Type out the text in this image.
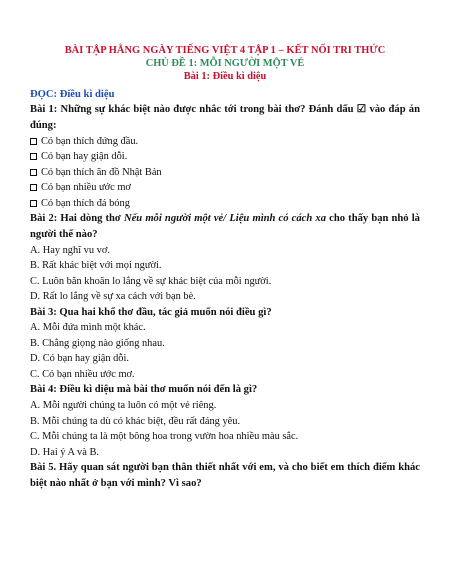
BÀI TẬP HẰNG NGÀY TIẾNG VIỆT 4 TẬP 1 – KẾT NỐI TRI THỨC
CHỦ ĐỀ 1: MỖI NGƯỜI MỘT VẺ
Bài 1: Điều kì diệu
ĐỌC: Điều kì diệu
Bài 1: Những sự khác biệt nào được nhắc tới trong bài thơ? Đánh dấu ☑ vào đáp án đúng:
Có bạn thích đứng đầu.
Có bạn hay giận dỗi.
Có bạn thích ăn đồ Nhật Bản
Có bạn nhiều ước mơ
Có bạn thích đá bóng
Bài 2: Hai dòng thơ Nếu mỗi người một vẻ/ Liệu mình có cách xa cho thấy bạn nhỏ là người thế nào?
A. Hay nghĩ vu vơ.
B. Rất khác biệt với mọi người.
C. Luôn băn khoăn lo lắng về sự khác biệt của mỗi người.
D. Rất lo lắng về sự xa cách với bạn bè.
Bài 3: Qua hai khổ thơ đầu, tác giả muốn nói điều gì?
A. Mỗi đứa mình một khác.
B. Chẳng giọng nào giống nhau.
D. Có bạn hay giận dỗi.
C. Có bạn nhiều ước mơ.
Bài 4: Điều kì diệu mà bài thơ muốn nói đến là gì?
A. Mỗi người chúng ta luôn có một vẻ riêng.
B. Mỗi chúng ta dù có khác biệt, đều rất đáng yêu.
C. Mỗi chúng ta là một bông hoa trong vườn hoa nhiều màu sắc.
D. Hai ý A và B.
Bài 5. Hãy quan sát người bạn thân thiết nhất với em, và cho biết em thích điểm khác biệt nào nhất ở bạn với mình? Vì sao?
